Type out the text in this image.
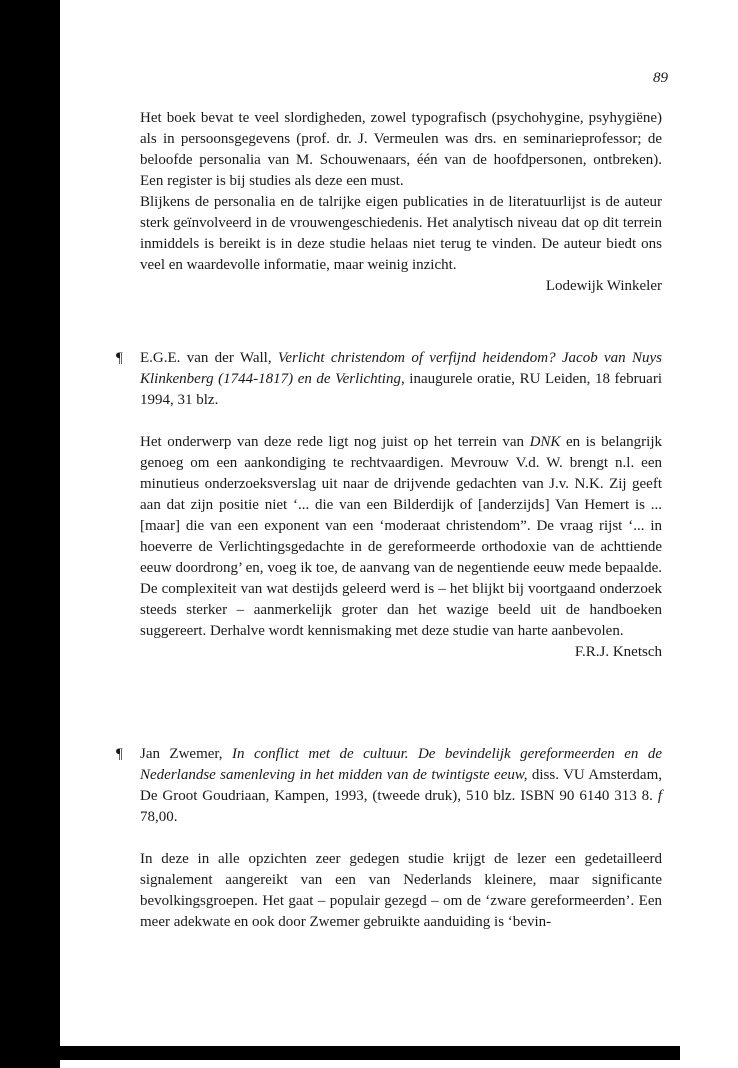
89

Het boek bevat te veel slordigheden, zowel typografisch (psychohygine, psyhygiëne) als in persoonsgegevens (prof. dr. J. Vermeulen was drs. en seminarieprofessor; de beloofde personalia van M. Schouwenaars, één van de hoofdpersonen, ontbreken). Een register is bij studies als deze een must.

Blijkens de personalia en de talrijke eigen publicaties in de literatuurlijst is de auteur sterk geïnvolveerd in de vrouwengeschiedenis. Het analytisch niveau dat op dit terrein inmiddels is bereikt is in deze studie helaas niet terug te vinden. De auteur biedt ons veel en waardevolle informatie, maar weinig inzicht.

Lodewijk Winkeler

¶ E.G.E. van der Wall, Verlicht christendom of verfijnd heidendom? Jacob van Nuys Klinkenberg (1744-1817) en de Verlichting, inaugurele oratie, RU Leiden, 18 februari 1994, 31 blz.

Het onderwerp van deze rede ligt nog juist op het terrein van DNK en is belangrijk genoeg om een aankondiging te rechtvaardigen. Mevrouw V.d. W. brengt n.l. een minutieus onderzoeksverslag uit naar de drijvende gedachten van J.v. N.K. Zij geeft aan dat zijn positie niet ‘... die van een Bilderdijk of [anderzijds] Van Hemert is ... [maar] die van een exponent van een ‘moderaat christendom”. De vraag rijst ‘... in hoeverre de Verlichtingsgedachte in de gereformeerde orthodoxie van de achttiende eeuw doordrong’ en, voeg ik toe, de aanvang van de negentiende eeuw mede bepaalde. De complexiteit van wat destijds geleerd werd is – het blijkt bij voortgaand onderzoek steeds sterker – aanmerkelijk groter dan het wazige beeld uit de handboeken suggereert. Derhalve wordt kennismaking met deze studie van harte aanbevolen.

F.R.J. Knetsch

¶ Jan Zwemer, In conflict met de cultuur. De bevindelijk gereformeerden en de Nederlandse samenleving in het midden van de twintigste eeuw, diss. VU Amsterdam, De Groot Goudriaan, Kampen, 1993, (tweede druk), 510 blz. ISBN 90 6140 313 8. f 78,00.

In deze in alle opzichten zeer gedegen studie krijgt de lezer een gedetailleerd signalement aangereikt van een van Nederlands kleinere, maar significante bevolkingsgroepen. Het gaat – populair gezegd – om de ‘zware gereformeerden’. Een meer adekwate en ook door Zwemer gebruikte aanduiding is ‘bevin-
